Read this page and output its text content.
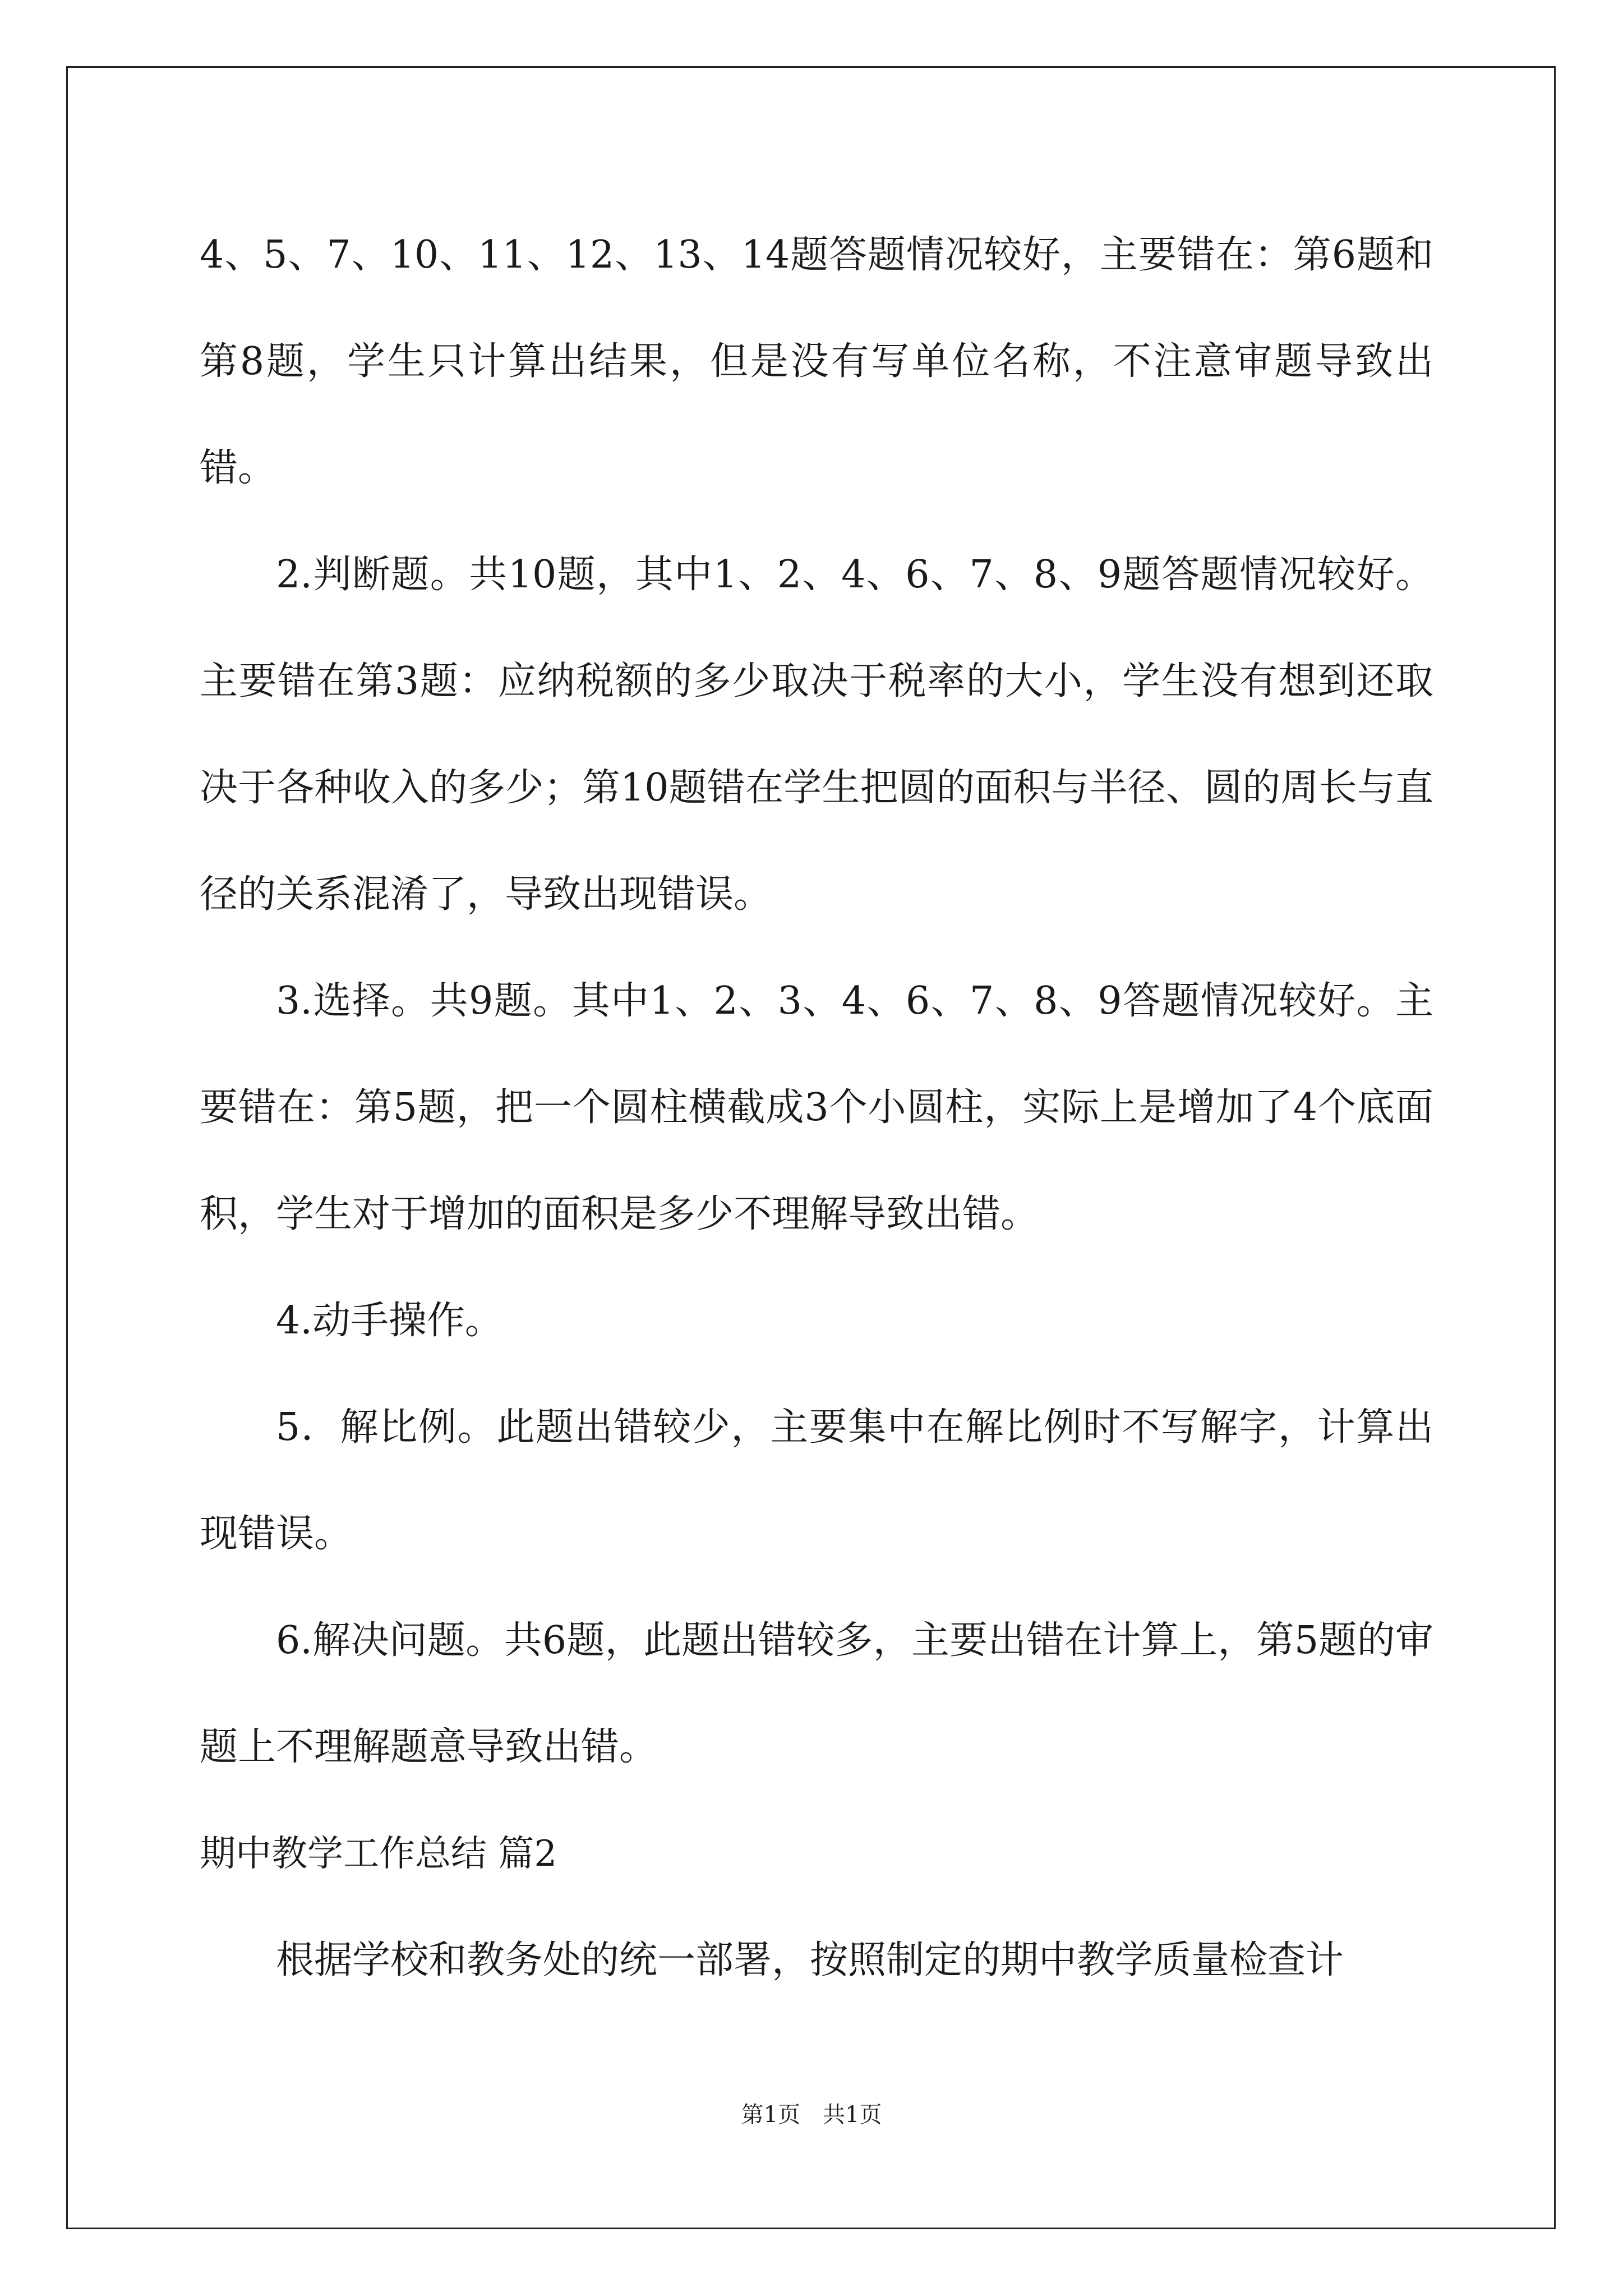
4、5、7、10、11、12、13、14题答题情况较好，主要错在：第6题和第8题，学生只计算出结果，但是没有写单位名称，不注意审题导致出错。

2.判断题。共10题，其中1、2、4、6、7、8、9题答题情况较好。主要错在第3题：应纳税额的多少取决于税率的大小，学生没有想到还取决于各种收入的多少；第10题错在学生把圆的面积与半径、圆的周长与直径的关系混淆了，导致出现错误。

3.选择。共9题。其中1、2、3、4、6、7、8、9答题情况较好。主要错在：第5题，把一个圆柱横截成3个小圆柱，实际上是增加了4个底面积，学生对于增加的面积是多少不理解导致出错。

4.动手操作。

5．解比例。此题出错较少，主要集中在解比例时不写解字，计算出现错误。

6.解决问题。共6题，此题出错较多，主要出错在计算上，第5题的审题上不理解题意导致出错。

期中教学工作总结 篇2

根据学校和教务处的统一部署，按照制定的期中教学质量检查计

第1页　共1页
